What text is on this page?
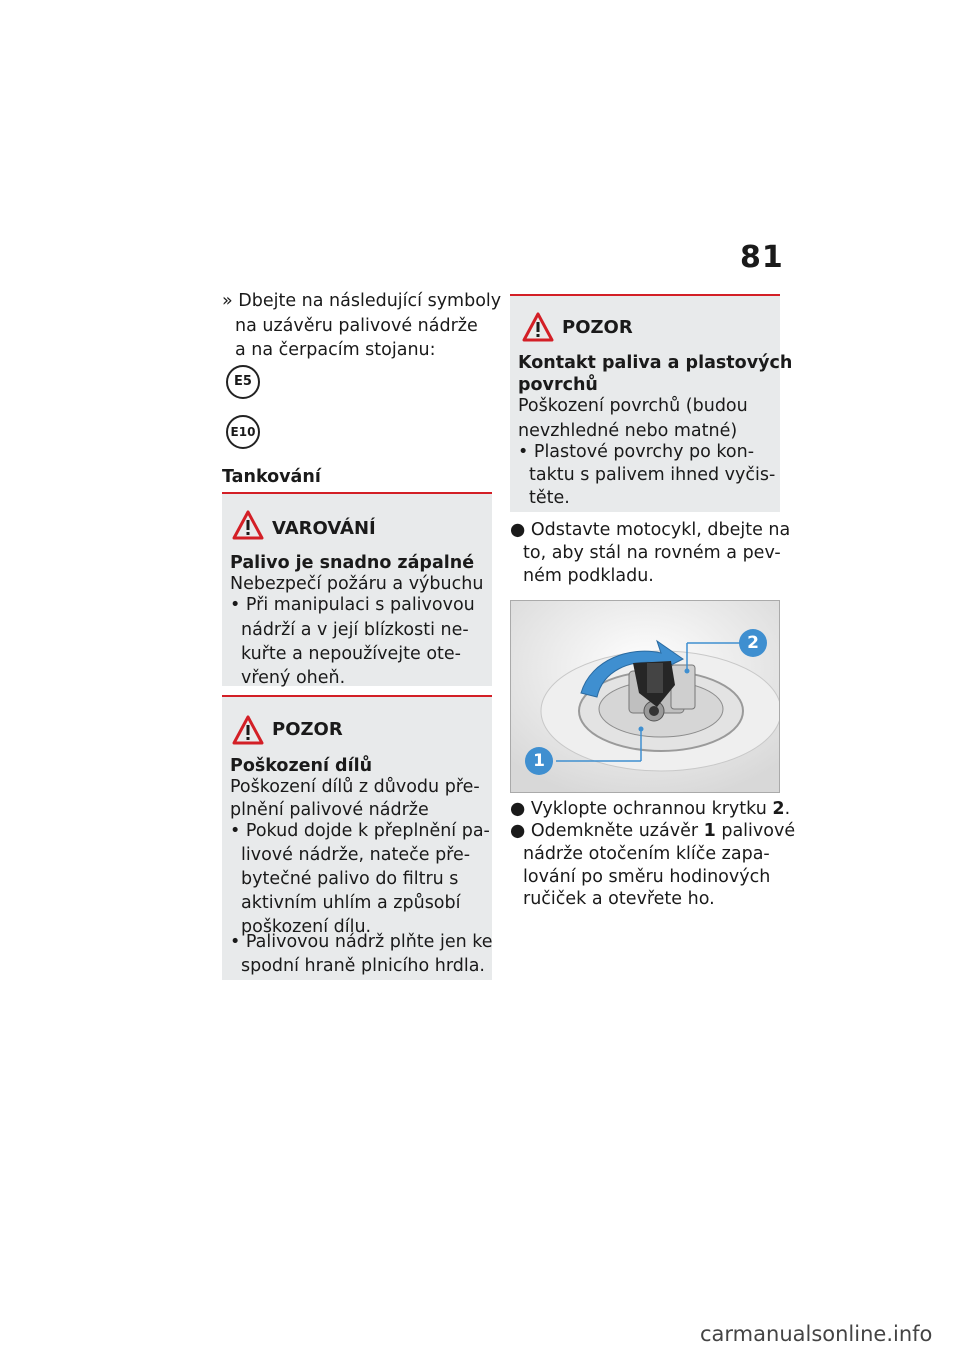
81
» Dbejte na následující symboly
na uzávěru palivové nádrže
a na čerpacím stojanu:
E5
E10
Tankování
VAROVÁNÍ
Palivo je snadno zápalné
Nebezpečí požáru a výbuchu
• Při manipulaci s palivovou
nádrží a v její blízkosti ne-
kuřte a nepoužívejte ote-
vřený oheň.
POZOR
Poškození dílů
Poškození dílů z důvodu pře-
plnění palivové nádrže
• Pokud dojde k přeplnění pa-
livové nádrže, nateče pře-
bytečné palivo do filtru s
aktivním uhlím a způsobí
poškození dílu.
• Palivovou nádrž plňte jen ke
spodní hraně plnicího hrdla.
POZOR
Kontakt paliva a plastových
povrchů
Poškození povrchů (budou
nevzhledné nebo matné)
• Plastové povrchy po kon-
taktu s palivem ihned vyčis-
těte.
● Odstavte motocykl, dbejte na
to, aby stál na rovném a pev-
ném podkladu.
1
2
● Vyklopte ochrannou krytku 2.
● Odemkněte uzávěr 1 palivové
nádrže otočením klíče zapa-
lování po směru hodinových
ručiček a otevřete ho.
carmanualsonline.info
